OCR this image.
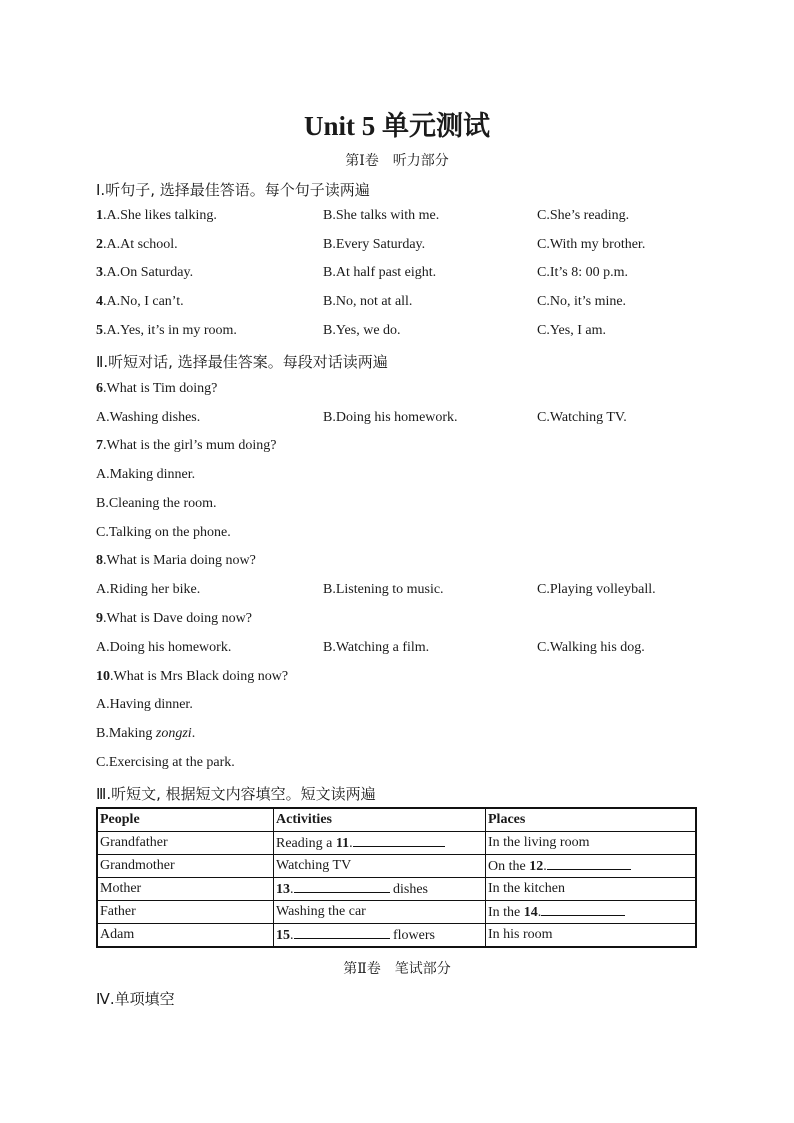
Unit 5 单元测试
第Ⅰ卷　听力部分
Ⅰ.听句子, 选择最佳答语。每个句子读两遍
1.A.She likes talking.	B.She talks with me.	C.She’s reading.
2.A.At school.	B.Every Saturday.	C.With my brother.
3.A.On Saturday.	B.At half past eight.	C.It’s 8: 00 p.m.
4.A.No, I can’t.	B.No, not at all.	C.No, it’s mine.
5.A.Yes, it’s in my room.	B.Yes, we do.	C.Yes, I am.
Ⅱ.听短对话, 选择最佳答案。每段对话读两遍
6.What is Tim doing?
A.Washing dishes.	B.Doing his homework.	C.Watching TV.
7.What is the girl’s mum doing?
A.Making dinner.
B.Cleaning the room.
C.Talking on the phone.
8.What is Maria doing now?
A.Riding her bike.	B.Listening to music.	C.Playing volleyball.
9.What is Dave doing now?
A.Doing his homework.	B.Watching a film.	C.Walking his dog.
10.What is Mrs Black doing now?
A.Having dinner.
B.Making zongzi.
C.Exercising at the park.
Ⅲ.听短文, 根据短文内容填空。短文读两遍
People	Activities	Places
Grandfather	Reading a 11.	In the living room
Grandmother	Watching TV	On the 12.
Mother	13. dishes	In the kitchen
Father	Washing the car	In the 14.
Adam	15. flowers	In his room
第Ⅱ卷　笔试部分
Ⅳ.单项填空
